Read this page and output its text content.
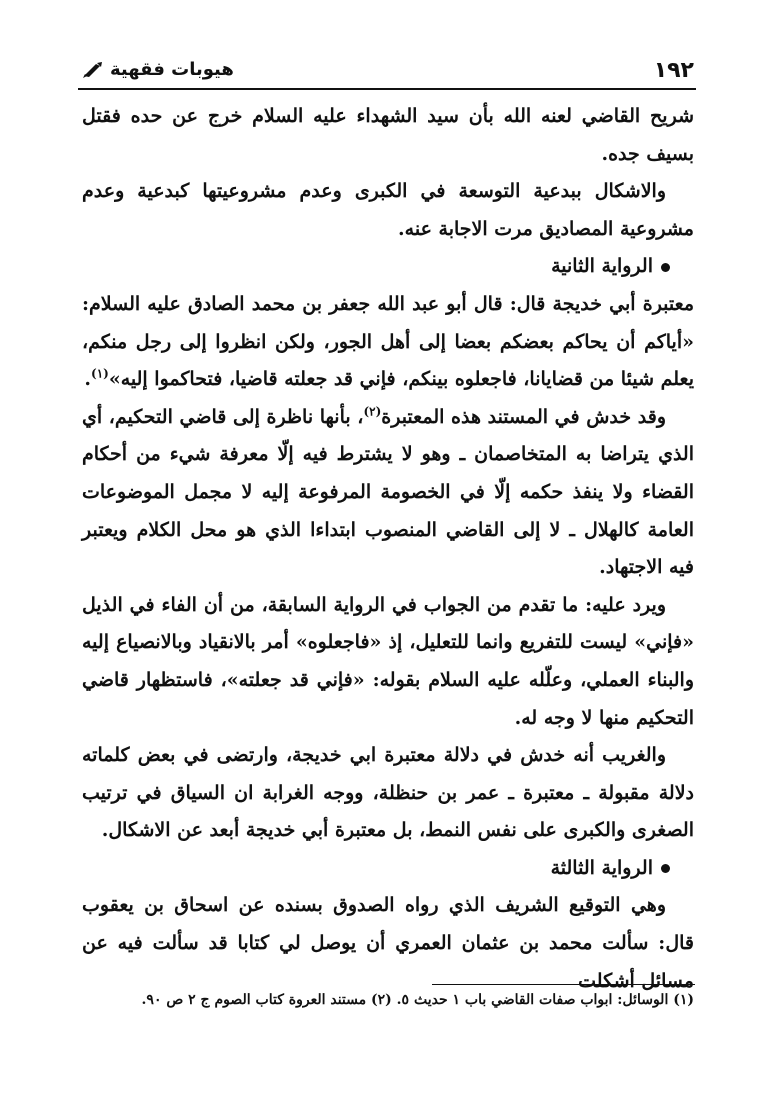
١٩٢
هيوبات فقهية

شريح القاضي لعنه الله بأن سيد الشهداء عليه السلام خرج عن حده فقتل بسيف جده.

والاشكال ببدعية التوسعة في الكبرى وعدم مشروعيتها كبدعية وعدم مشروعية المصاديق مرت الاجابة عنه.

الرواية الثانية

معتبرة أبي خديجة قال: قال أبو عبد الله جعفر بن محمد الصادق عليه السلام: «أياكم أن يحاكم بعضكم بعضا إلى أهل الجور، ولكن انظروا إلى رجل منكم، يعلم شيئا من قضايانا، فاجعلوه بينكم، فإني قد جعلته قاضيا، فتحاكموا إليه»$^{(١)}$.

وقد خدش في المستند هذه المعتبرة$^{(٢)}$، بأنها ناظرة إلى قاضي التحكيم، أي الذي يتراضا به المتخاصمان ـ وهو لا يشترط فيه إلّا معرفة شيء من أحكام القضاء ولا ينفذ حكمه إلّا في الخصومة المرفوعة إليه لا مجمل الموضوعات العامة كالهلال ـ لا إلى القاضي المنصوب ابتداءا الذي هو محل الكلام ويعتبر فيه الاجتهاد.

ويرد عليه: ما تقدم من الجواب في الرواية السابقة، من أن الفاء في الذيل «فإني» ليست للتفريع وانما للتعليل، إذ «فاجعلوه» أمر بالانقياد وبالانصياع إليه والبناء العملي، وعلّله عليه السلام بقوله: «فإني قد جعلته»، فاستظهار قاضي التحكيم منها لا وجه له.

والغريب أنه خدش في دلالة معتبرة ابي خديجة، وارتضى في بعض كلماته دلالة مقبولة ـ معتبرة ـ عمر بن حنظلة، ووجه الغرابة ان السياق في ترتيب الصغرى والكبرى على نفس النمط، بل معتبرة أبي خديجة أبعد عن الاشكال.

الرواية الثالثة

وهي التوقيع الشريف الذي رواه الصدوق بسنده عن اسحاق بن يعقوب قال: سألت محمد بن عثمان العمري أن يوصل لي كتابا قد سألت فيه عن مسائل أشكلت

(١) الوسائل: ابواب صفات القاضي باب ١ حديث ٥. (٢) مستند العروة كتاب الصوم ج ٢ ص ٩٠.
